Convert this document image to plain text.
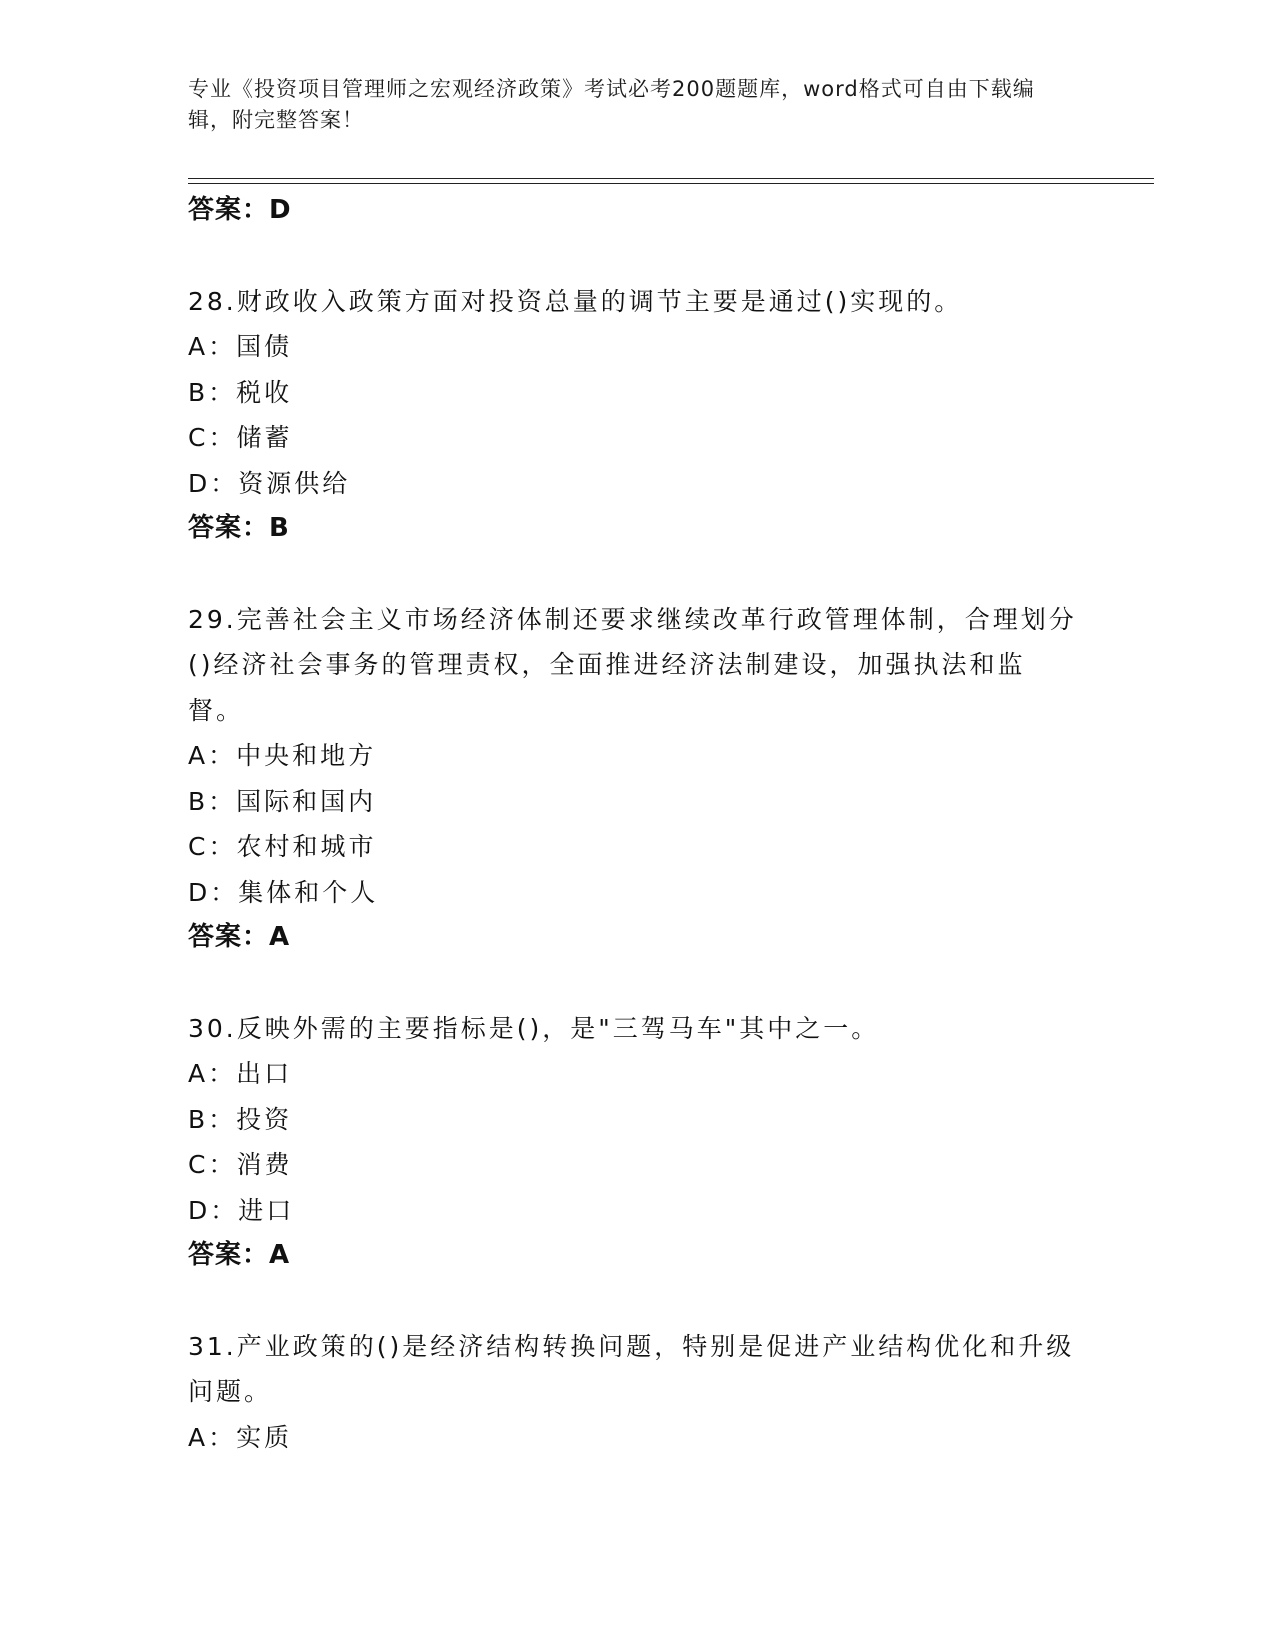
专业《投资项目管理师之宏观经济政策》考试必考200题题库，word格式可自由下载编辑，附完整答案！
答案：D
28.财政收入政策方面对投资总量的调节主要是通过()实现的。
A：国债
B：税收
C：储蓄
D：资源供给
答案：B
29.完善社会主义市场经济体制还要求继续改革行政管理体制，合理划分()经济社会事务的管理责权，全面推进经济法制建设，加强执法和监督。
A：中央和地方
B：国际和国内
C：农村和城市
D：集体和个人
答案：A
30.反映外需的主要指标是()，是"三驾马车"其中之一。
A：出口
B：投资
C：消费
D：进口
答案：A
31.产业政策的()是经济结构转换问题，特别是促进产业结构优化和升级问题。
A：实质
